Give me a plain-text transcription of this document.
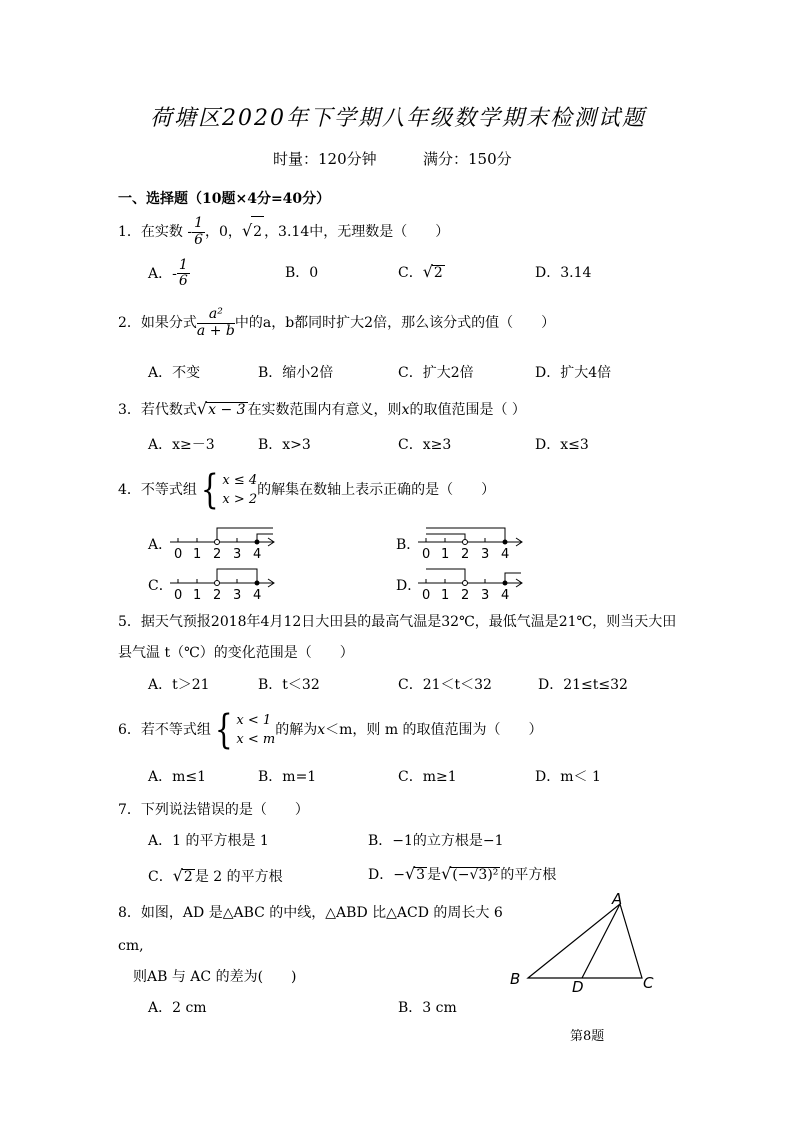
荷塘区2020年下学期八年级数学期末检测试题
时量：120分钟	满分：150分
一、选择题（10题×4分=40分）
1．在实数 - $\frac{1}{6}$ ，0，√2 ，3.14中，无理数是（　　）
A．- $\frac{1}{6}$	B．0	C．√2	D．3.14
2．如果分式 $\frac{\text{a²}}{a + b}$ 中的a，b都同时扩大2倍，那么该分式的值（　　）
A．不变	B．缩小2倍	C．扩大2倍	D．扩大4倍
3．若代数式√x − 3 在实数范围内有意义，则x的取值范围是（ ）
A．x≥－3	B．x>3	C．x≥3	D．x≤3
4．不等式组{ x ≤ 4
x > 2
的解集在数轴上表示正确的是（　　）
A．	B．
C．	D．
0 1 2 3 4	0 1 2 3 4
0 1 2 3 4	0 1 2 3 4
5．据天气预报2018年4月12日大田县的最高气温是32℃，最低气温是21℃，则当天大田
县气温 t（℃）的变化范围是（　　）
A．t＞21	B．t＜32	C．21＜t＜32	D．21≤t≤32
6．若不等式组{ x < 1
x < m
的解为x＜m，则 m 的取值范围为（　　）
A．m≤1	B．m=1	C．m≥1	D．m＜ 1
7．下列说法错误的是（　　）
A．1 的平方根是 1	B．−1的立方根是−1
C．√2 是 2 的平方根	D．−√3 是√(−√3)² 的平方根
8．如图，AD 是△ABC 的中线，△ABD 比△ACD 的周长大 6
cm,
则AB 与 AC 的差为(　　)
A．2 cm	B．3 cm
A
B	C
D
第8题
